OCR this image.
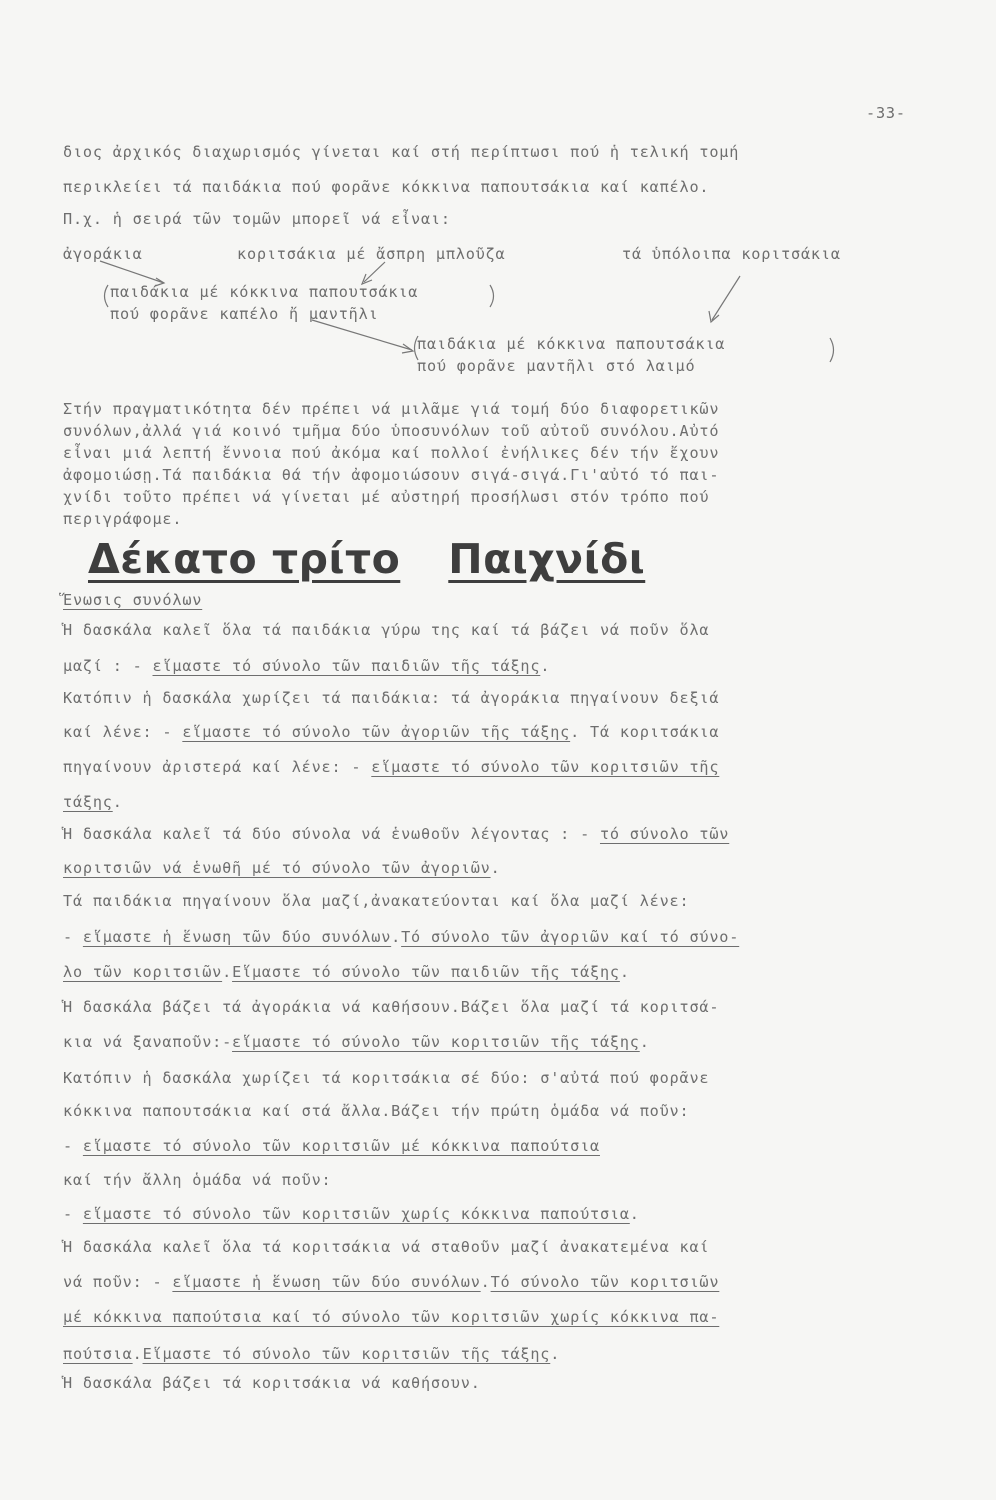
-33-
διος ἀρχικός διαχωρισμός γίνεται καί στή περίπτωσι πού ἡ τελική τομή
περικλείει τά παιδάκια πού φορᾶνε κόκκινα παπουτσάκια καί καπέλο.
Π.χ. ἡ σειρά τῶν τομῶν μπορεῖ νά εἶναι:
ἀγοράκια	κοριτσάκια μέ ἄσπρη μπλοῦζα	τά ὑπόλοιπα κοριτσάκια
παιδάκια μέ κόκκινα παπουτσάκια
πού φορᾶνε καπέλο ἤ μαντῆλι
παιδάκια μέ κόκκινα παπουτσάκια
πού φορᾶνε μαντῆλι στό λαιμό
Στήν πραγματικότητα δέν πρέπει νά μιλᾶμε γιά τομή δύο διαφορετικῶν
συνόλων,ἀλλά γιά κοινό τμῆμα δύο ὑποσυνόλων τοῦ αὐτοῦ συνόλου.Αὐτό
εἶναι μιά λεπτή ἔννοια πού ἀκόμα καί πολλοί ἐνήλικες δέν τήν ἔχουν
ἀφομοιώσῃ.Τά παιδάκια θά τήν ἀφομοιώσουν σιγά-σιγά.Γι'αὐτό τό παι-
χνίδι τοῦτο πρέπει νά γίνεται μέ αὐστηρή προσήλωσι στόν τρόπο πού
περιγράφομε.
Δέκατο τρίτο Παιχνίδι
Ἕνωσις συνόλων
Ἡ δασκάλα καλεῖ ὅλα τά παιδάκια γύρω της καί τά βάζει νά ποῦν ὅλα
μαζί : - εἵμαστε τό σύνολο τῶν παιδιῶν τῆς τάξης.
Κατόπιν ἡ δασκάλα χωρίζει τά παιδάκια: τά ἀγοράκια πηγαίνουν δεξιά
καί λένε: - εἵμαστε τό σύνολο τῶν ἀγοριῶν τῆς τάξης. Τά κοριτσάκια
πηγαίνουν ἀριστερά καί λένε: - εἵμαστε τό σύνολο τῶν κοριτσιῶν τῆς
τάξης.
Ἡ δασκάλα καλεῖ τά δύο σύνολα νά ἑνωθοῦν λέγοντας : - τό σύνολο τῶν
κοριτσιῶν νά ἑνωθῆ μέ τό σύνολο τῶν ἀγοριῶν.
Τά παιδάκια πηγαίνουν ὅλα μαζί,ἀνακατεύονται καί ὅλα μαζί λένε:
- εἵμαστε ἡ ἕνωση τῶν δύο συνόλων.Τό σύνολο τῶν ἀγοριῶν καί τό σύνο-
λο τῶν κοριτσιῶν.Εἵμαστε τό σύνολο τῶν παιδιῶν τῆς τάξης.
Ἡ δασκάλα βάζει τά ἀγοράκια νά καθήσουν.Βάζει ὅλα μαζί τά κοριτσά-
κια νά ξαναποῦν:-εἵμαστε τό σύνολο τῶν κοριτσιῶν τῆς τάξης.
Κατόπιν ἡ δασκάλα χωρίζει τά κοριτσάκια σέ δύο: σ'αὐτά πού φορᾶνε
κόκκινα παπουτσάκια καί στά ἄλλα.Βάζει τήν πρώτη ὁμάδα νά ποῦν:
- εἵμαστε τό σύνολο τῶν κοριτσιῶν μέ κόκκινα παπούτσια
καί τήν ἄλλη ὁμάδα νά ποῦν:
- εἵμαστε τό σύνολο τῶν κοριτσιῶν χωρίς κόκκινα παπούτσια.
Ἡ δασκάλα καλεῖ ὅλα τά κοριτσάκια νά σταθοῦν μαζί ἀνακατεμένα καί
νά ποῦν: - εἵμαστε ἡ ἕνωση τῶν δύο συνόλων.Τό σύνολο τῶν κοριτσιῶν
μέ κόκκινα παπούτσια καί τό σύνολο τῶν κοριτσιῶν χωρίς κόκκινα πα-
πούτσια.Εἵμαστε τό σύνολο τῶν κοριτσιῶν τῆς τάξης.
Ἡ δασκάλα βάζει τά κοριτσάκια νά καθήσουν.
